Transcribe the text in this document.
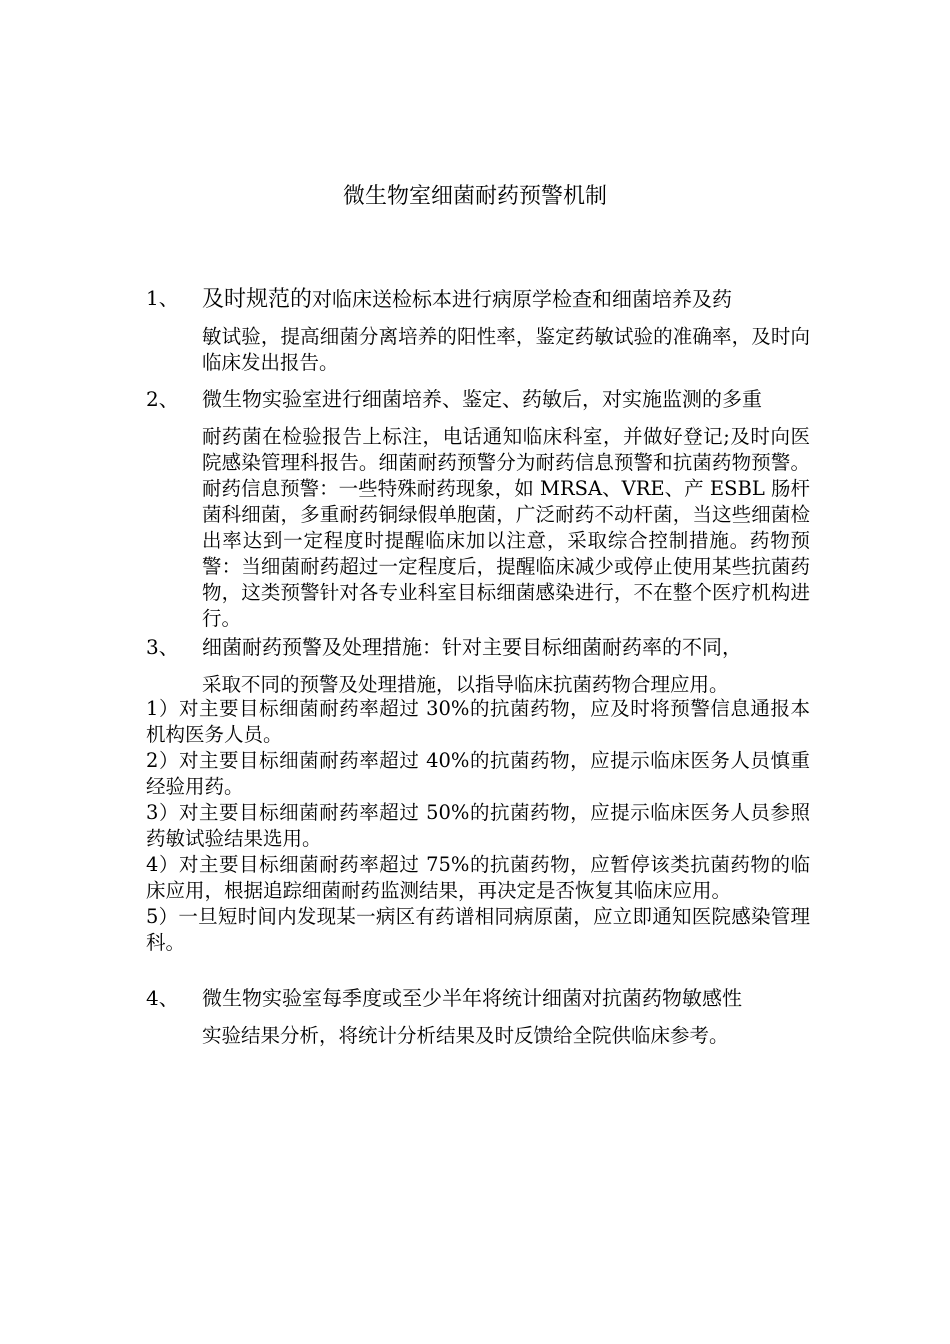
微生物室细菌耐药预警机制
1、 及时规范的对临床送检标本进行病原学检查和细菌培养及药
敏试验，提高细菌分离培养的阳性率，鉴定药敏试验的准确率，及时向临床发出报告。
2、 微生物实验室进行细菌培养、鉴定、药敏后，对实施监测的多重
耐药菌在检验报告上标注，电话通知临床科室，并做好登记;及时向医院感染管理科报告。细菌耐药预警分为耐药信息预警和抗菌药物预警。耐药信息预警：一些特殊耐药现象，如 MRSA、VRE、产 ESBL 肠杆菌科细菌，多重耐药铜绿假单胞菌，广泛耐药不动杆菌，当这些细菌检出率达到一定程度时提醒临床加以注意，采取综合控制措施。药物预警：当细菌耐药超过一定程度后，提醒临床减少或停止使用某些抗菌药物，这类预警针对各专业科室目标细菌感染进行，不在整个医疗机构进行。
3、 细菌耐药预警及处理措施：针对主要目标细菌耐药率的不同，
采取不同的预警及处理措施，以指导临床抗菌药物合理应用。
1）对主要目标细菌耐药率超过 30%的抗菌药物，应及时将预警信息通报本机构医务人员。
2）对主要目标细菌耐药率超过 40%的抗菌药物，应提示临床医务人员慎重经验用药。
3）对主要目标细菌耐药率超过 50%的抗菌药物，应提示临床医务人员参照药敏试验结果选用。
4）对主要目标细菌耐药率超过 75%的抗菌药物，应暂停该类抗菌药物的临床应用，根据追踪细菌耐药监测结果，再决定是否恢复其临床应用。
5）一旦短时间内发现某一病区有药谱相同病原菌，应立即通知医院感染管理科。
4、 微生物实验室每季度或至少半年将统计细菌对抗菌药物敏感性
实验结果分析，将统计分析结果及时反馈给全院供临床参考。
